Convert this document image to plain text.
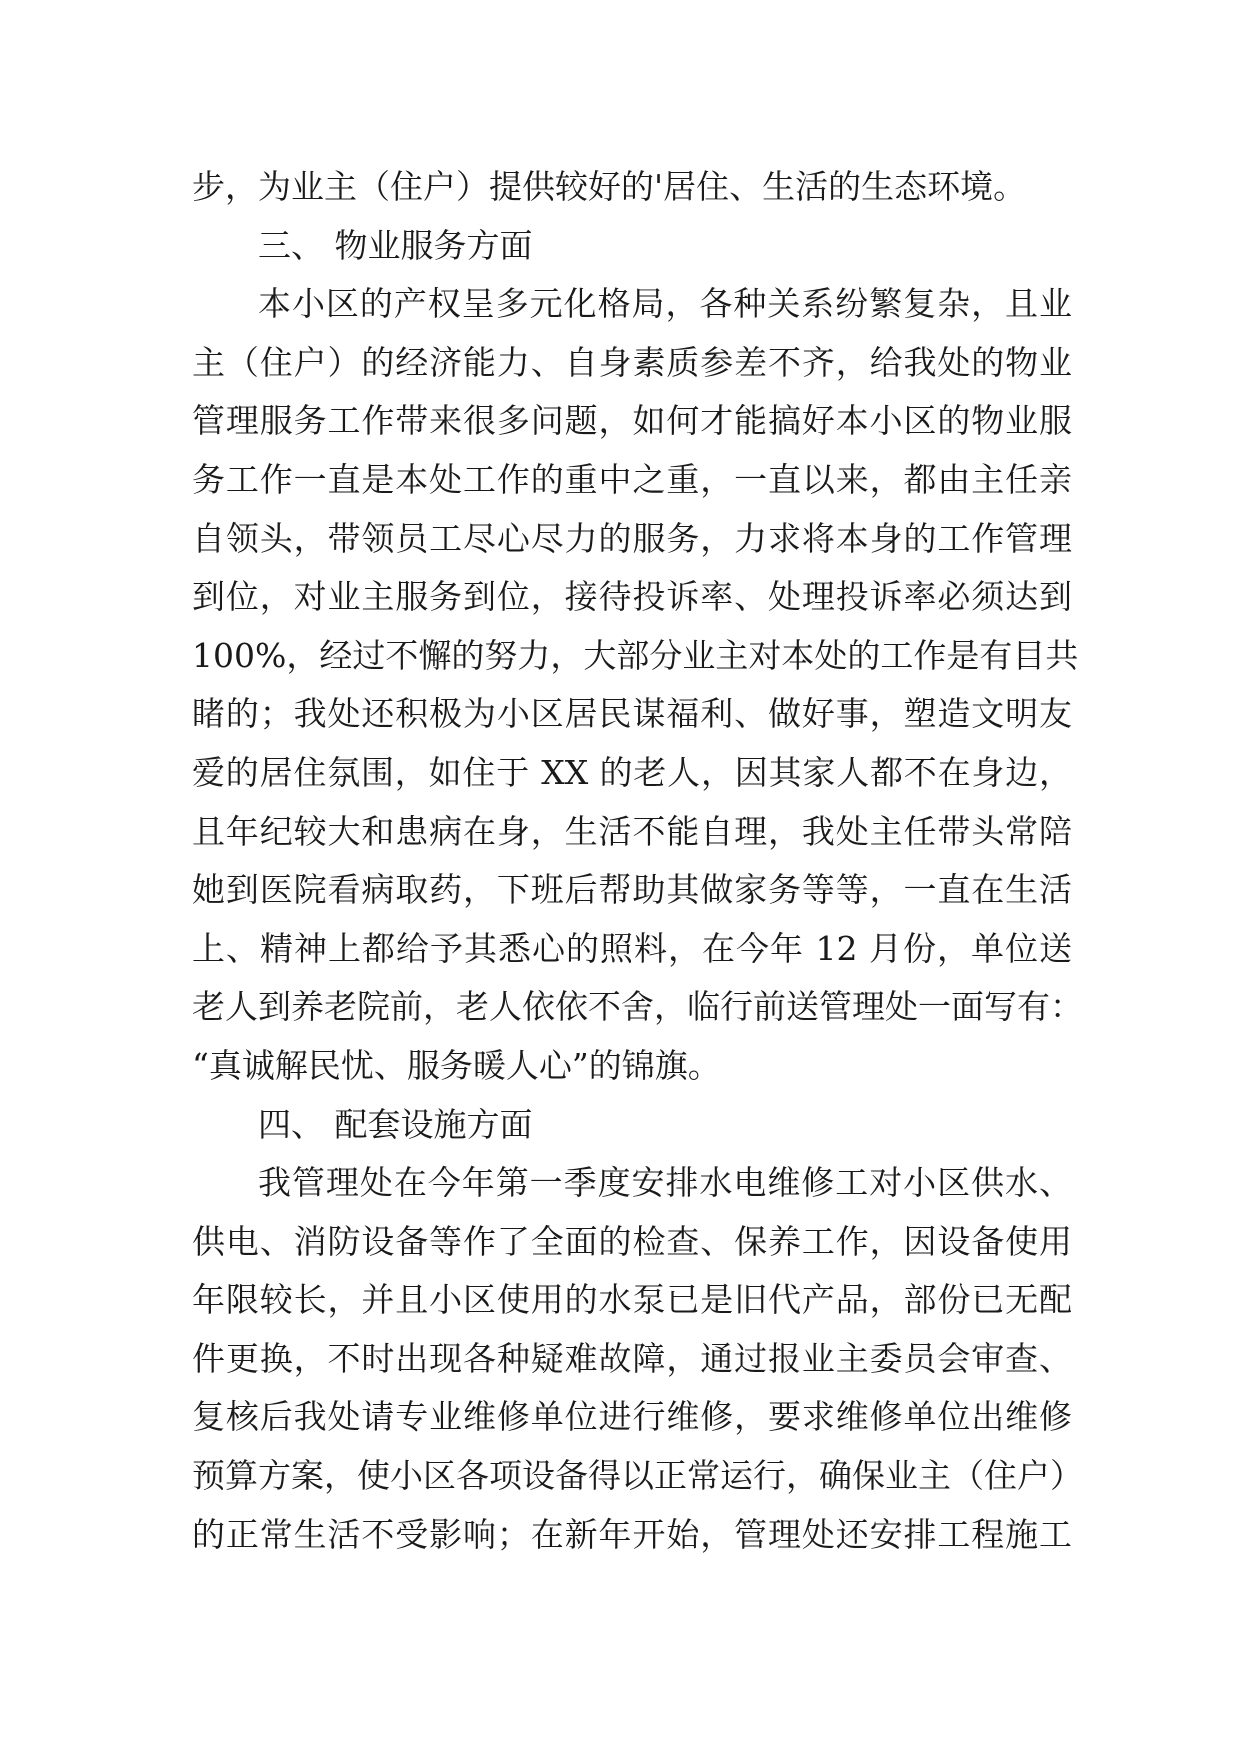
步，为业主（住户）提供较好的'居住、生活的生态环境。
三、 物业服务方面
本小区的产权呈多元化格局，各种关系纷繁复杂，且业
主（住户）的经济能力、自身素质参差不齐，给我处的物业
管理服务工作带来很多问题，如何才能搞好本小区的物业服
务工作一直是本处工作的重中之重，一直以来，都由主任亲
自领头，带领员工尽心尽力的服务，力求将本身的工作管理
到位，对业主服务到位，接待投诉率、处理投诉率必须达到
100%，经过不懈的努力，大部分业主对本处的工作是有目共
睹的；我处还积极为小区居民谋福利、做好事，塑造文明友
爱的居住氛围，如住于 XX 的老人，因其家人都不在身边，
且年纪较大和患病在身，生活不能自理，我处主任带头常陪
她到医院看病取药，下班后帮助其做家务等等，一直在生活
上、精神上都给予其悉心的照料，在今年 12 月份，单位送
老人到养老院前，老人依依不舍，临行前送管理处一面写有：
“真诚解民忧、服务暖人心”的锦旗。
四、 配套设施方面
我管理处在今年第一季度安排水电维修工对小区供水、
供电、消防设备等作了全面的检查、保养工作，因设备使用
年限较长，并且小区使用的水泵已是旧代产品，部份已无配
件更换，不时出现各种疑难故障，通过报业主委员会审查、
复核后我处请专业维修单位进行维修，要求维修单位出维修
预算方案，使小区各项设备得以正常运行，确保业主（住户）
的正常生活不受影响；在新年开始，管理处还安排工程施工
